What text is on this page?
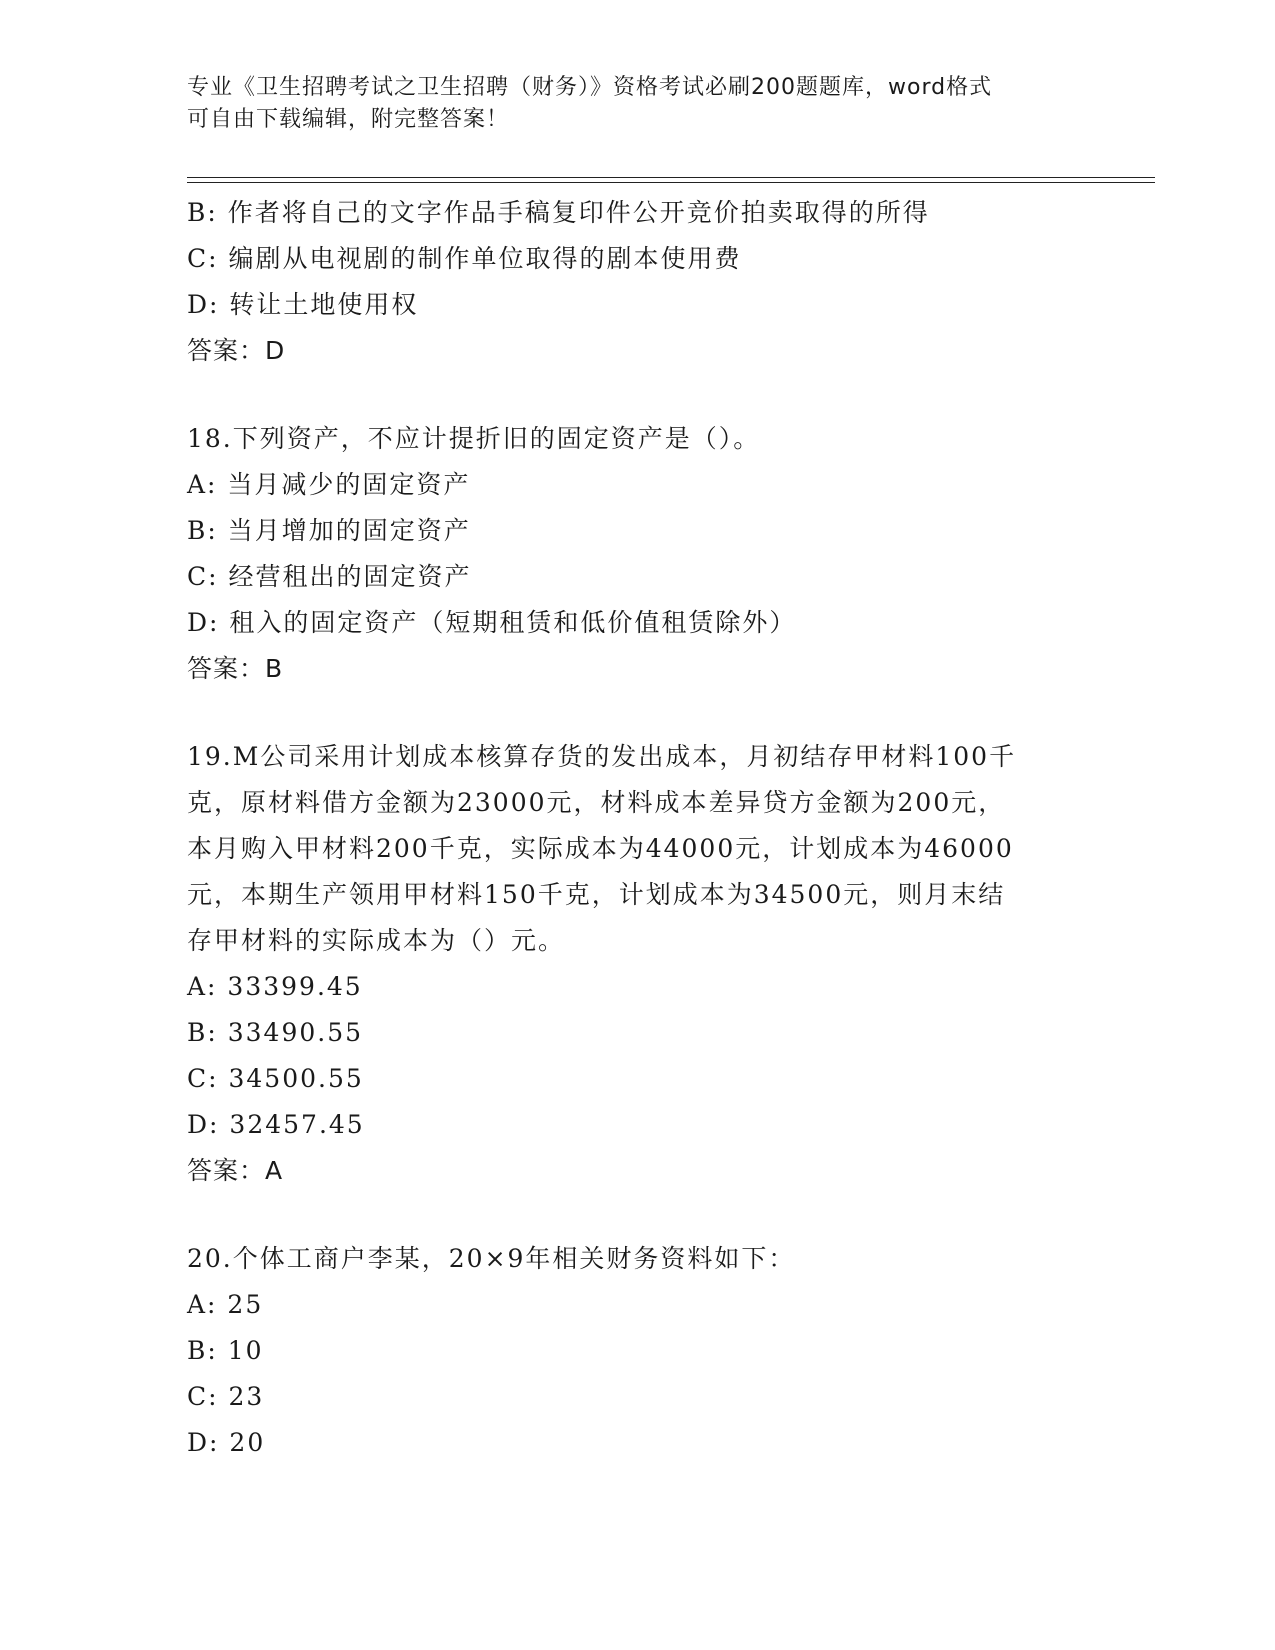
专业《卫生招聘考试之卫生招聘（财务）》资格考试必刷200题题库，word格式

可自由下载编辑，附完整答案！

B: 作者将自己的文字作品手稿复印件公开竞价拍卖取得的所得

C: 编剧从电视剧的制作单位取得的剧本使用费

D: 转让土地使用权

答案：D

18.下列资产，不应计提折旧的固定资产是（）。

A: 当月减少的固定资产

B: 当月增加的固定资产

C: 经营租出的固定资产

D: 租入的固定资产（短期租赁和低价值租赁除外）

答案：B

19.M公司采用计划成本核算存货的发出成本，月初结存甲材料100千

克，原材料借方金额为23000元，材料成本差异贷方金额为200元，

本月购入甲材料200千克，实际成本为44000元，计划成本为46000

元，本期生产领用甲材料150千克，计划成本为34500元，则月末结

存甲材料的实际成本为（）元。

A: 33399.45

B: 33490.55

C: 34500.55

D: 32457.45

答案：A

20.个体工商户李某，20×9年相关财务资料如下：

A: 25

B: 10

C: 23

D: 20
